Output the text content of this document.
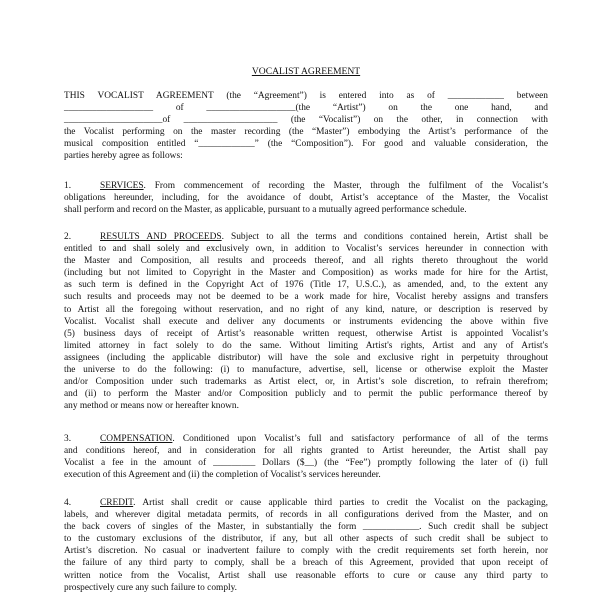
VOCALIST AGREEMENT
THIS VOCALIST AGREEMENT (the “Agreement”) is entered into as of ____________ between
___________________ of ___________________(the “Artist”) on the one hand, and
_____________________of ____________________ (the “Vocalist”) on the other, in connection with
the Vocalist performing on the master recording (the “Master”) embodying the Artist’s performance of the
musical composition entitled “____________” (the “Composition”). For good and valuable consideration, the
parties hereby agree as follows:
1.	SERVICES. From commencement of recording the Master, through the fulfilment of the Vocalist’s
obligations hereunder, including, for the avoidance of doubt, Artist’s acceptance of the Master, the Vocalist
shall perform and record on the Master, as applicable, pursuant to a mutually agreed performance schedule.
2.	RESULTS AND PROCEEDS. Subject to all the terms and conditions contained herein, Artist shall be
entitled to and shall solely and exclusively own, in addition to Vocalist’s services hereunder in connection with
the Master and Composition, all results and proceeds thereof, and all rights thereto throughout the world
(including but not limited to Copyright in the Master and Composition) as works made for hire for the Artist,
as such term is defined in the Copyright Act of 1976 (Title 17, U.S.C.), as amended, and, to the extent any
such results and proceeds may not be deemed to be a work made for hire, Vocalist hereby assigns and transfers
to Artist all the foregoing without reservation, and no right of any kind, nature, or description is reserved by
Vocalist. Vocalist shall execute and deliver any documents or instruments evidencing the above within five
(5) business days of receipt of Artist’s reasonable written request, otherwise Artist is appointed Vocalist’s
limited attorney in fact solely to do the same. Without limiting Artist's rights, Artist and any of Artist's
assignees (including the applicable distributor) will have the sole and exclusive right in perpetuity throughout
the universe to do the following: (i) to manufacture, advertise, sell, license or otherwise exploit the Master
and/or Composition under such trademarks as Artist elect, or, in Artist’s sole discretion, to refrain therefrom;
and (ii) to perform the Master and/or Composition publicly and to permit the public performance thereof by
any method or means now or hereafter known.
3.	COMPENSATION. Conditioned upon Vocalist’s full and satisfactory performance of all of the terms
and conditions hereof, and in consideration for all rights granted to Artist hereunder, the Artist shall pay
Vocalist a fee in the amount of _________ Dollars ($__) (the “Fee”) promptly following the later of (i) full
execution of this Agreement and (ii) the completion of Vocalist’s services hereunder.
4.	CREDIT. Artist shall credit or cause applicable third parties to credit the Vocalist on the packaging,
labels, and wherever digital metadata permits, of records in all configurations derived from the Master, and on
the back covers of singles of the Master, in substantially the form ____________. Such credit shall be subject
to the customary exclusions of the distributor, if any, but all other aspects of such credit shall be subject to
Artist’s discretion. No casual or inadvertent failure to comply with the credit requirements set forth herein, nor
the failure of any third party to comply, shall be a breach of this Agreement, provided that upon receipt of
written notice from the Vocalist, Artist shall use reasonable efforts to cure or cause any third party to
prospectively cure any such failure to comply.
